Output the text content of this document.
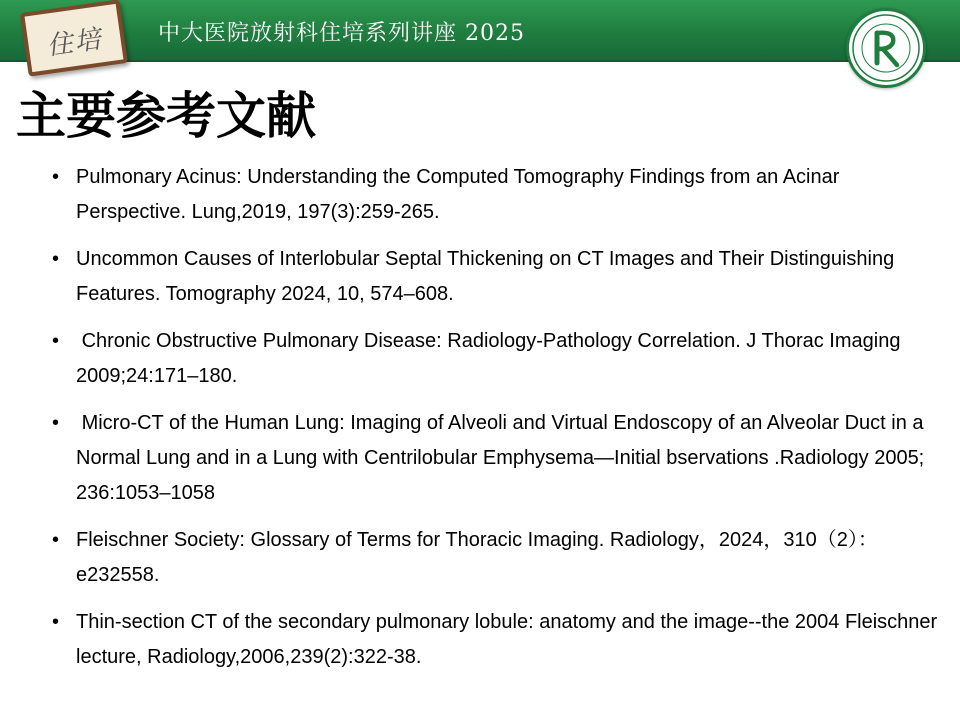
住培	中大医院放射科住培系列讲座 2025
主要参考文献
• Pulmonary Acinus: Understanding the Computed Tomography Findings from an Acinar Perspective. Lung,2019, 197(3):259-265.
• Uncommon Causes of Interlobular Septal Thickening on CT Images and Their Distinguishing Features. Tomography 2024, 10, 574–608.
• Chronic Obstructive Pulmonary Disease: Radiology-Pathology Correlation. J Thorac Imaging 2009;24:171–180.
• Micro-CT of the Human Lung: Imaging of Alveoli and Virtual Endoscopy of an Alveolar Duct in a Normal Lung and in a Lung with Centrilobular Emphysema—Initial bservations .Radiology 2005; 236:1053–1058
• Fleischner Society: Glossary of Terms for Thoracic Imaging. Radiology，2024，310（2）：e232558.
• Thin-section CT of the secondary pulmonary lobule: anatomy and the image--the 2004 Fleischner lecture, Radiology,2006,239(2):322-38.
